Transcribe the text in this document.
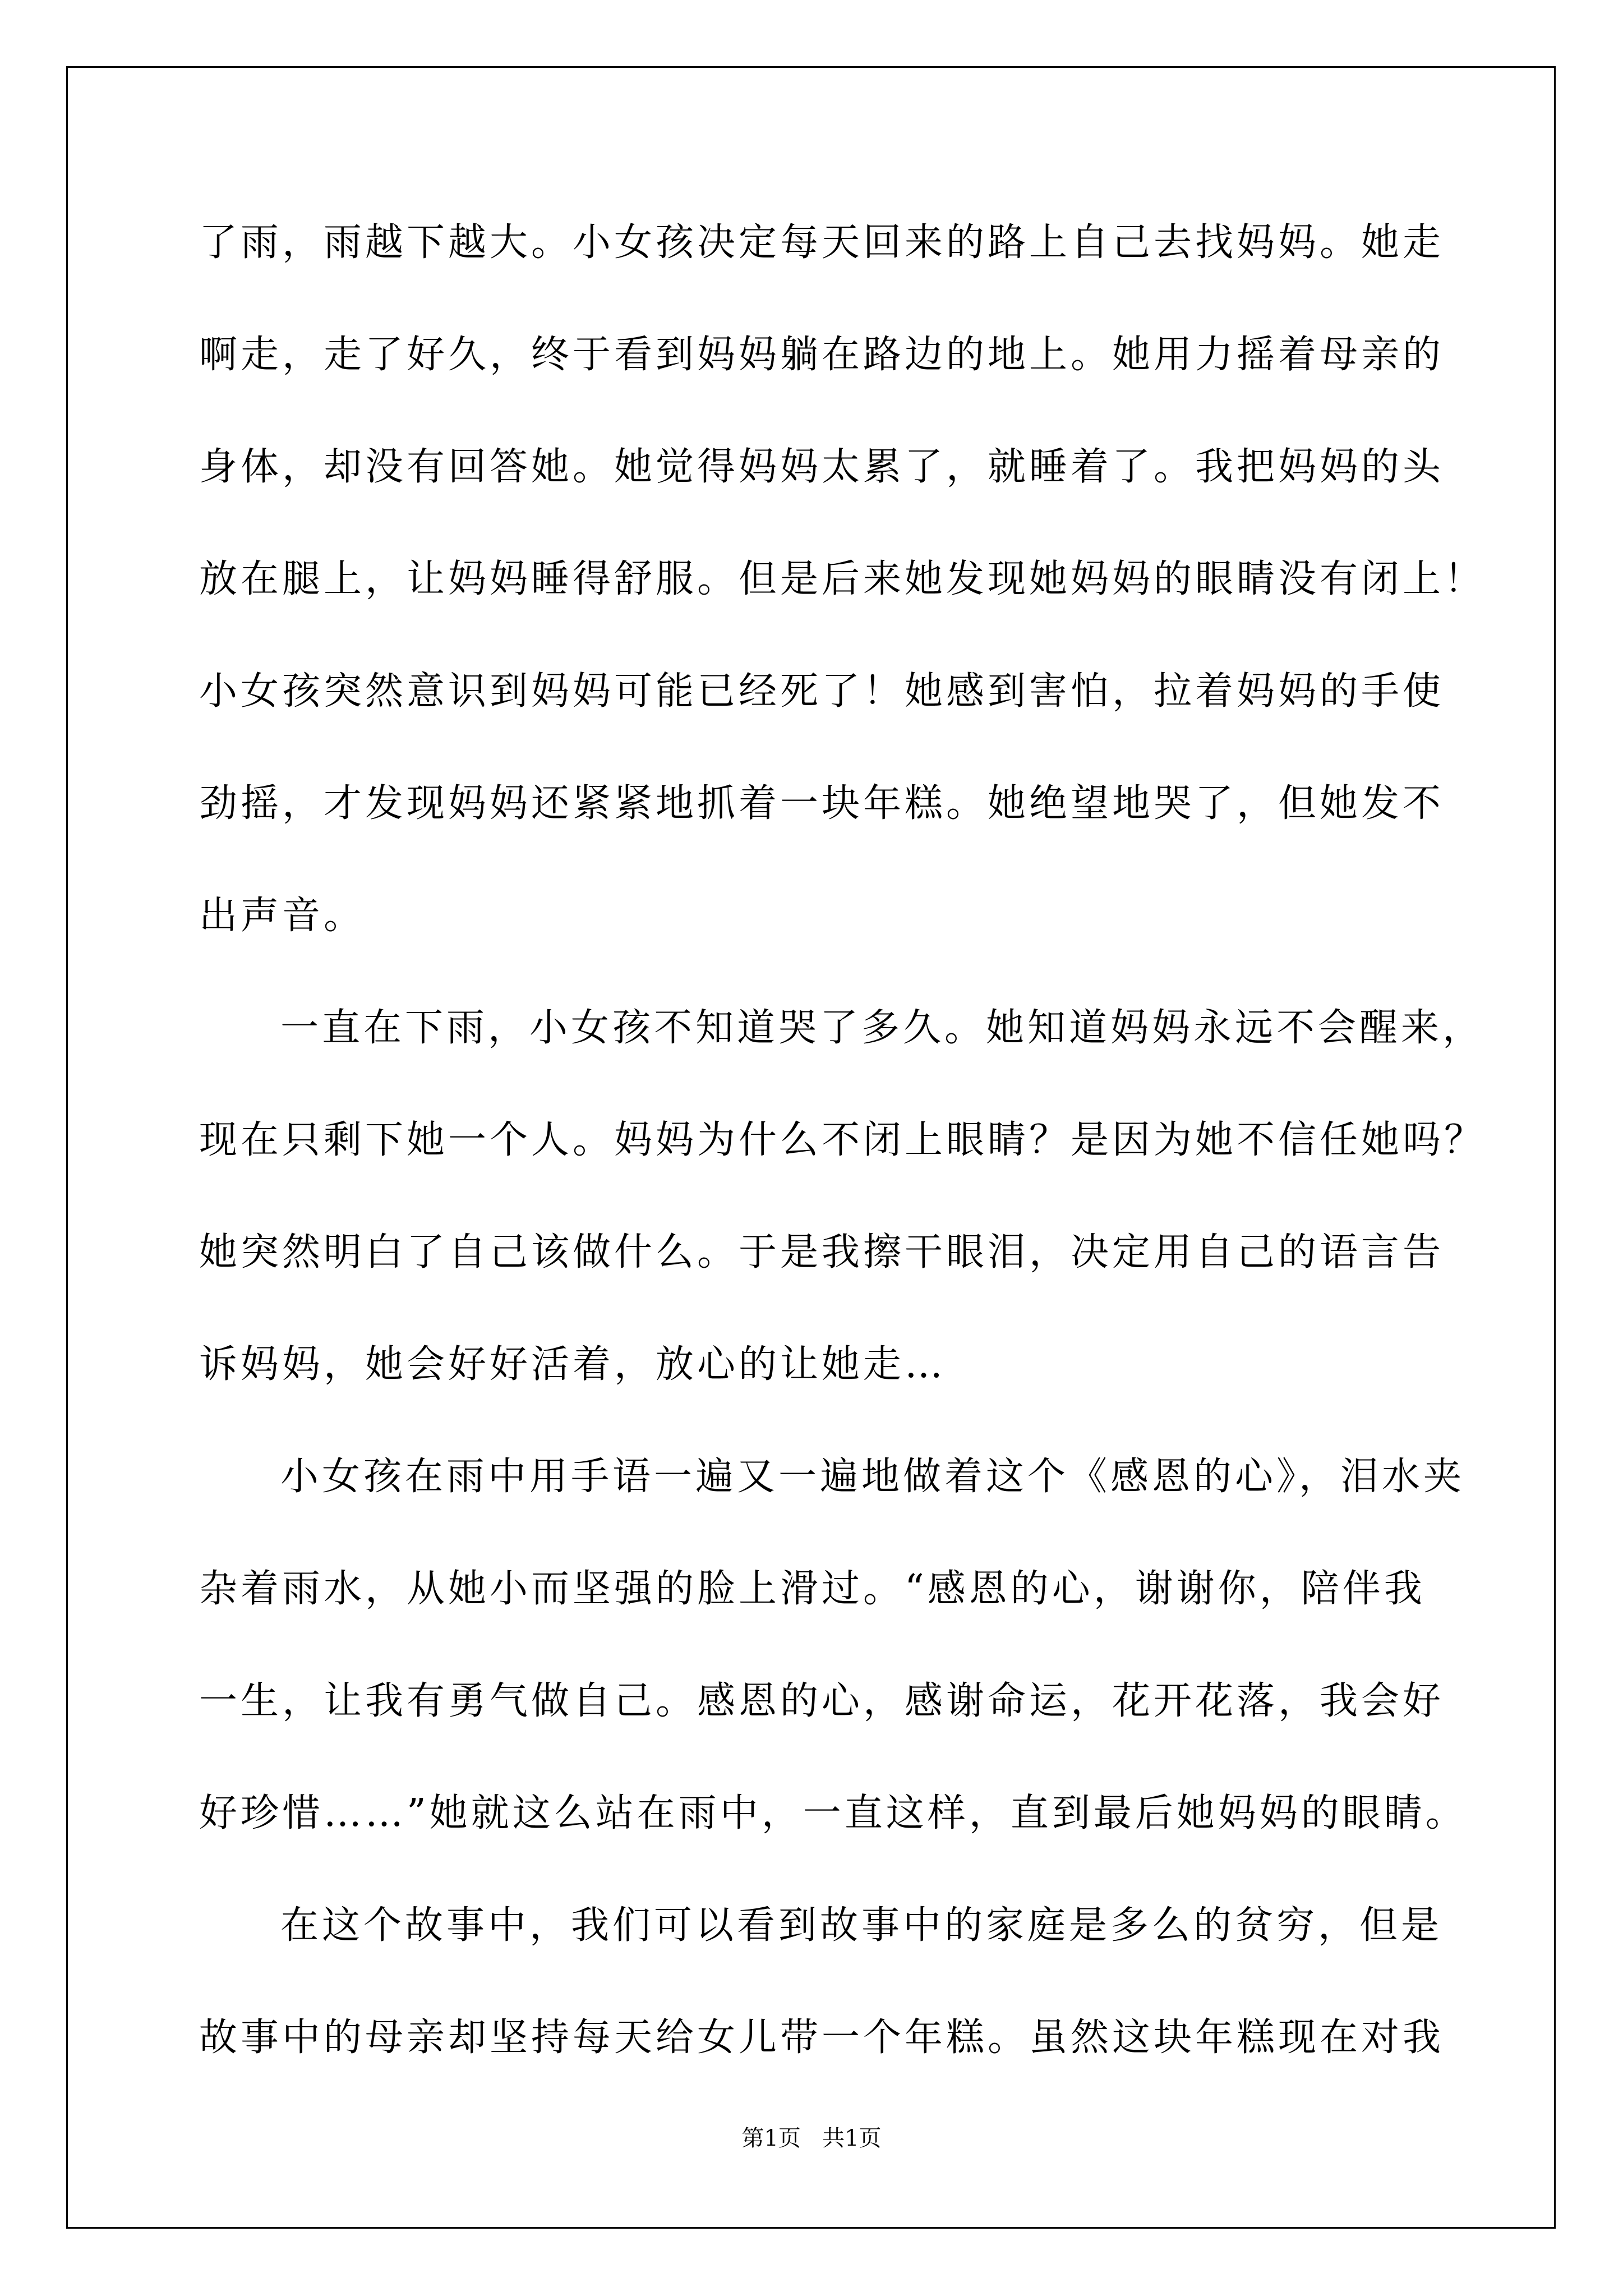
了雨，雨越下越大。小女孩决定每天回来的路上自己去找妈妈。她走
啊走，走了好久，终于看到妈妈躺在路边的地上。她用力摇着母亲的
身体，却没有回答她。她觉得妈妈太累了，就睡着了。我把妈妈的头
放在腿上，让妈妈睡得舒服。但是后来她发现她妈妈的眼睛没有闭上！
小女孩突然意识到妈妈可能已经死了！她感到害怕，拉着妈妈的手使
劲摇，才发现妈妈还紧紧地抓着一块年糕。她绝望地哭了，但她发不
出声音。
一直在下雨，小女孩不知道哭了多久。她知道妈妈永远不会醒来，
现在只剩下她一个人。妈妈为什么不闭上眼睛？是因为她不信任她吗？
她突然明白了自己该做什么。于是我擦干眼泪，决定用自己的语言告
诉妈妈，她会好好活着，放心的让她走…
小女孩在雨中用手语一遍又一遍地做着这个《感恩的心》，泪水夹
杂着雨水，从她小而坚强的脸上滑过。“感恩的心，谢谢你，陪伴我
一生，让我有勇气做自己。感恩的心，感谢命运，花开花落，我会好
好珍惜……”她就这么站在雨中，一直这样，直到最后她妈妈的眼睛。
在这个故事中，我们可以看到故事中的家庭是多么的贫穷，但是
故事中的母亲却坚持每天给女儿带一个年糕。虽然这块年糕现在对我
第1页 共1页
